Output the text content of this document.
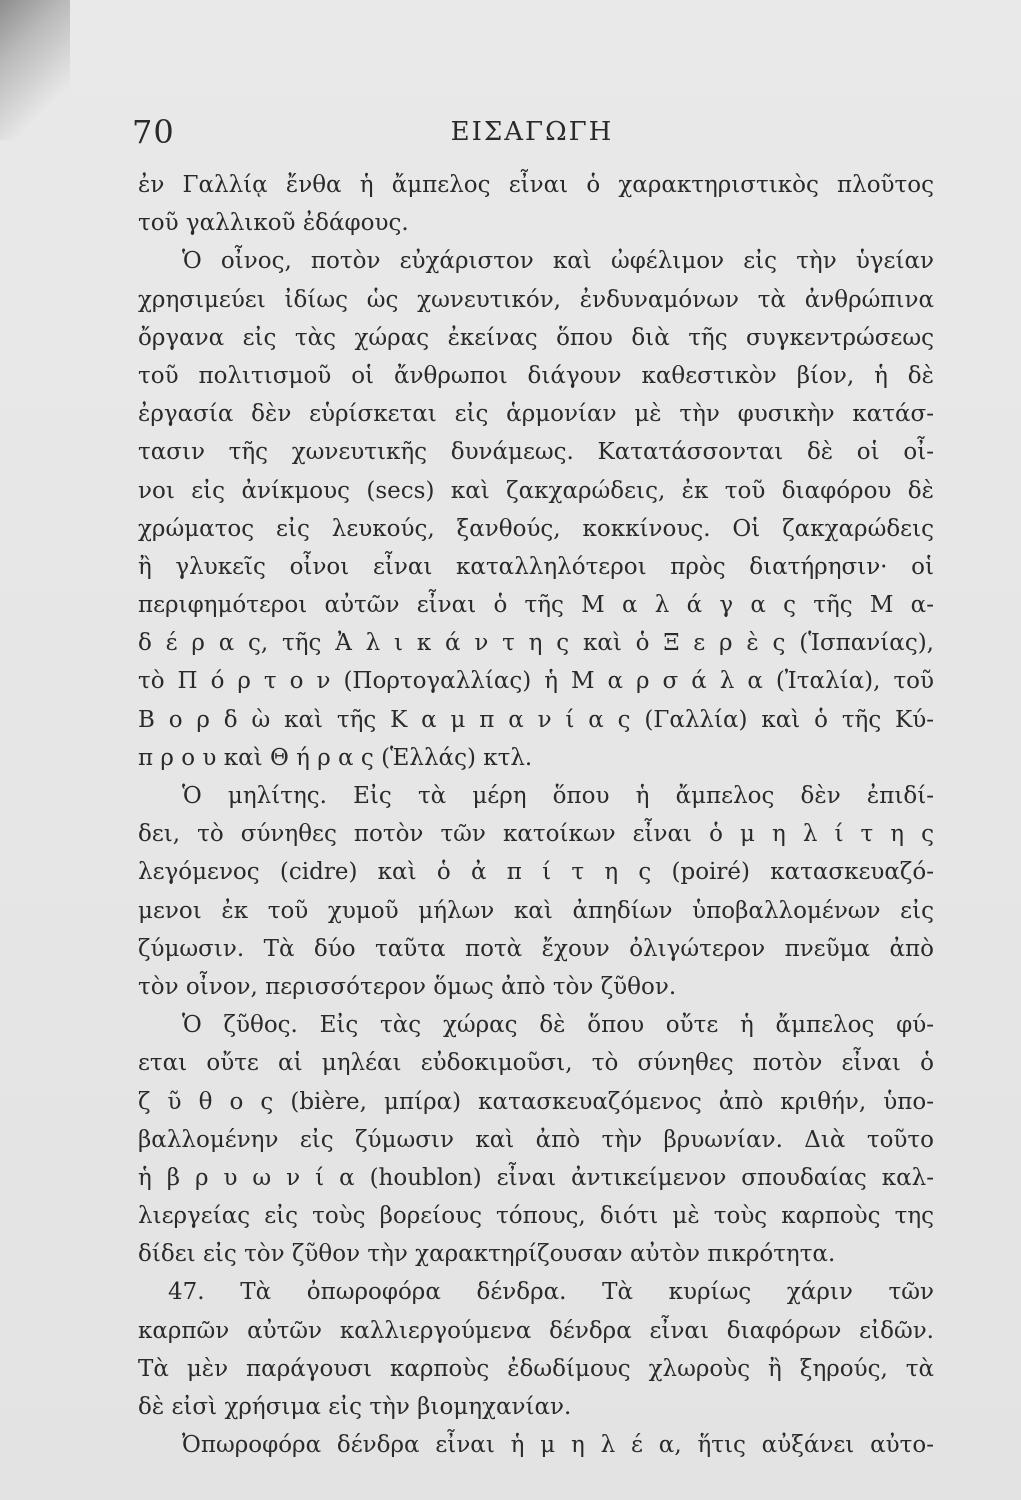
70	ΕΙΣΑΓΩΓΗ
ἐν Γαλλίᾳ ἔνθα ἡ ἄμπελος εἶναι ὁ χαρακτηριστικὸς πλοῦτος
τοῦ γαλλικοῦ ἐδάφους.
Ὁ οἶνος, ποτὸν εὐχάριστον καὶ ὠφέλιμον εἰς τὴν ὑγείαν
χρησιμεύει ἰδίως ὡς χωνευτικόν, ἐνδυναμόνων τὰ ἀνθρώπινα
ὄργανα εἰς τὰς χώρας ἐκείνας ὅπου διὰ τῆς συγκεντρώσεως
τοῦ πολιτισμοῦ οἱ ἄνθρωποι διάγουν καθεστικὸν βίον, ἡ δὲ
ἐργασία δὲν εὑρίσκεται εἰς ἁρμονίαν μὲ τὴν φυσικὴν κατάσ-
τασιν τῆς χωνευτικῆς δυνάμεως. Κατατάσσονται δὲ οἱ οἶ-
νοι εἰς ἀνίκμους (secs) καὶ ζακχαρώδεις, ἐκ τοῦ διαφόρου δὲ
χρώματος εἰς λευκούς, ξανθούς, κοκκίνους. Οἱ ζακχαρώδεις
ἢ γλυκεῖς οἶνοι εἶναι καταλληλότεροι πρὸς διατήρησιν· οἱ
περιφημότεροι αὐτῶν εἶναι ὁ τῆς Μ α λ ά γ α ς τῆς Μ α-
δ έ ρ α ς, τῆς Ἀ λ ι κ ά ν τ η ς καὶ ὁ Ξ ε ρ ὲ ς (Ἱσπανίας),
τὸ Π ό ρ τ ο ν (Πορτογαλλίας) ἡ Μ α ρ σ ά λ α (Ἰταλία), τοῦ
Β ο ρ δ ὼ καὶ τῆς Κ α μ π α ν ί α ς (Γαλλία) καὶ ὁ τῆς Κύ-
π ρ ο υ καὶ Θ ή ρ α ς (Ἑλλάς) κτλ.
Ὁ μηλίτης. Εἰς τὰ μέρη ὅπου ἡ ἄμπελος δὲν ἐπιδί-
δει, τὸ σύνηθες ποτὸν τῶν κατοίκων εἶναι ὁ μ η λ ί τ η ς
λεγόμενος (cidre) καὶ ὁ ἀ π ί τ η ς (poiré) κατασκευαζό-
μενοι ἐκ τοῦ χυμοῦ μήλων καὶ ἀπηδίων ὑποβαλλομένων εἰς
ζύμωσιν. Τὰ δύο ταῦτα ποτὰ ἔχουν ὀλιγώτερον πνεῦμα ἀπὸ
τὸν οἶνον, περισσότερον ὅμως ἀπὸ τὸν ζῦθον.
Ὁ ζῦθος. Εἰς τὰς χώρας δὲ ὅπου οὔτε ἡ ἄμπελος φύ-
εται οὔτε αἱ μηλέαι εὐδοκιμοῦσι, τὸ σύνηθες ποτὸν εἶναι ὁ
ζ ῦ θ ο ς (bière, μπίρα) κατασκευαζόμενος ἀπὸ κριθήν, ὑπο-
βαλλομένην εἰς ζύμωσιν καὶ ἀπὸ τὴν βρυωνίαν. Διὰ τοῦτο
ἡ β ρ υ ω ν ί α (houblon) εἶναι ἀντικείμενον σπουδαίας καλ-
λιεργείας εἰς τοὺς βορείους τόπους, διότι μὲ τοὺς καρποὺς της
δίδει εἰς τὸν ζῦθον τὴν χαρακτηρίζουσαν αὐτὸν πικρότητα.
47. Τὰ ὀπωροφόρα δένδρα. Τὰ κυρίως χάριν τῶν
καρπῶν αὐτῶν καλλιεργούμενα δένδρα εἶναι διαφόρων εἰδῶν.
Τὰ μὲν παράγουσι καρποὺς ἐδωδίμους χλωροὺς ἢ ξηρούς, τὰ
δὲ εἰσὶ χρήσιμα εἰς τὴν βιομηχανίαν.
Ὀπωροφόρα δένδρα εἶναι ἡ μ η λ έ α, ἥτις αὐξάνει αὐτο-
